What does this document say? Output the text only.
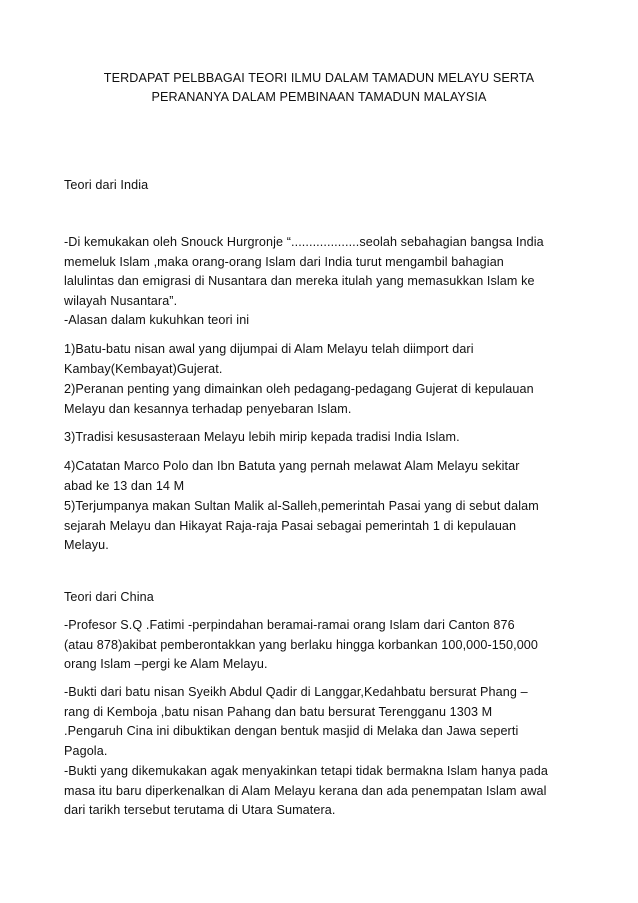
TERDAPAT PELBBAGAI TEORI ILMU DALAM TAMADUN MELAYU SERTA
PERANANYA DALAM PEMBINAAN TAMADUN MALAYSIA
Teori dari India
-Di kemukakan oleh Snouck Hurgronje “...................seolah sebahagian bangsa India
memeluk Islam ,maka orang-orang Islam dari India turut mengambil bahagian
lalulintas dan emigrasi di Nusantara dan mereka itulah yang memasukkan Islam ke
wilayah Nusantara”.
-Alasan dalam kukuhkan teori ini
1)Batu-batu nisan awal yang dijumpai di Alam Melayu telah diimport dari
Kambay(Kembayat)Gujerat.
2)Peranan penting yang dimainkan oleh pedagang-pedagang Gujerat di kepulauan
Melayu dan kesannya terhadap penyebaran Islam.
3)Tradisi kesusasteraan Melayu lebih mirip kepada tradisi India Islam.
4)Catatan Marco Polo dan Ibn Batuta yang pernah melawat Alam Melayu sekitar
abad ke 13 dan 14 M
5)Terjumpanya makan Sultan Malik al-Salleh,pemerintah Pasai yang di sebut dalam
sejarah Melayu dan Hikayat Raja-raja Pasai sebagai pemerintah 1 di kepulauan
Melayu.
Teori dari China
-Profesor S.Q .Fatimi -perpindahan beramai-ramai orang Islam dari Canton 876
(atau 878)akibat pemberontakkan yang berlaku hingga korbankan 100,000-150,000
orang Islam –pergi ke Alam Melayu.
-Bukti dari batu nisan Syeikh Abdul Qadir di Langgar,Kedahbatu bersurat Phang –
rang di Kemboja ,batu nisan Pahang dan batu bersurat Terengganu 1303 M
.Pengaruh Cina ini dibuktikan dengan bentuk masjid di Melaka dan Jawa seperti
Pagola.
-Bukti yang dikemukakan agak menyakinkan tetapi tidak bermakna Islam hanya pada
masa itu baru diperkenalkan di Alam Melayu kerana dan ada penempatan Islam awal
dari tarikh tersebut terutama di Utara Sumatera.
